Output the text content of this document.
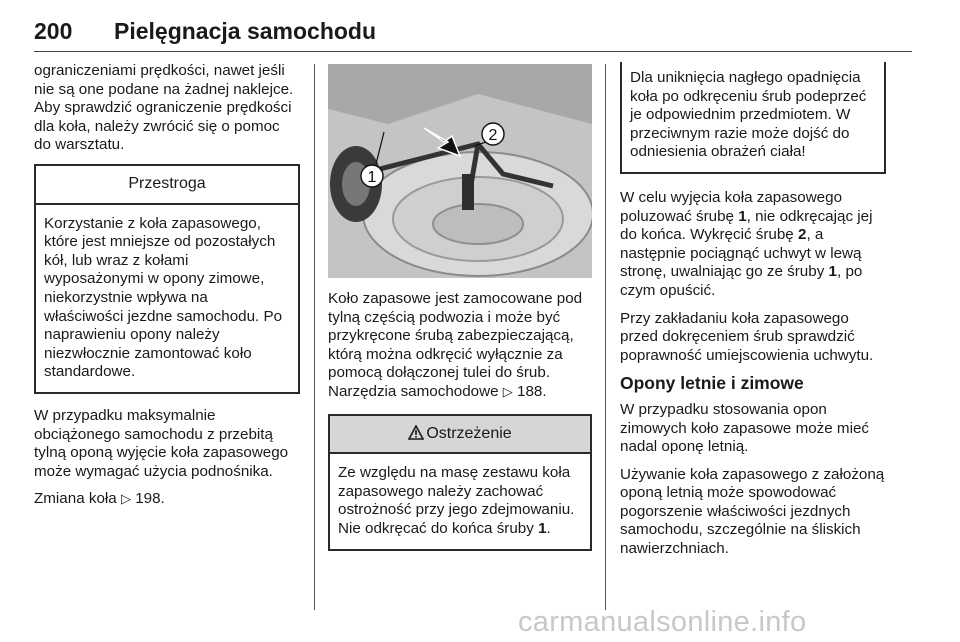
200 Pielęgnacja samochodu

ograniczeniami prędkości, nawet jeśli nie są one podane na żadnej naklejce. Aby sprawdzić ograniczenie prędkości dla koła, należy zwrócić się o pomoc do warsztatu.

Przestroga
Korzystanie z koła zapasowego, które jest mniejsze od pozostałych kół, lub wraz z kołami wyposażonymi w opony zimowe, niekorzystnie wpływa na właściwości jezdne samochodu. Po naprawieniu opony należy niezwłocznie zamontować koło standardowe.

W przypadku maksymalnie obciążonego samochodu z przebitą tylną oponą wyjęcie koła zapasowego może wymagać użycia podnośnika.

Zmiana koła ▷ 198.

1
2

Koło zapasowe jest zamocowane pod tylną częścią podwozia i może być przykręcone śrubą zabezpieczającą, którą można odkręcić wyłącznie za pomocą dołączonej tulei do śrub. Narzędzia samochodowe ▷ 188.

Ostrzeżenie
Ze względu na masę zestawu koła zapasowego należy zachować ostrożność przy jego zdejmowaniu. Nie odkręcać do końca śruby 1.
Dla uniknięcia nagłego opadnięcia koła po odkręceniu śrub podeprzeć je odpowiednim przedmiotem. W przeciwnym razie może dojść do odniesienia obrażeń ciała!

W celu wyjęcia koła zapasowego poluzować śrubę 1, nie odkręcając jej do końca. Wykręcić śrubę 2, a następnie pociągnąć uchwyt w lewą stronę, uwalniając go ze śruby 1, po czym opuścić.

Przy zakładaniu koła zapasowego przed dokręceniem śrub sprawdzić poprawność umiejscowienia uchwytu.

Opony letnie i zimowe

W przypadku stosowania opon zimowych koło zapasowe może mieć nadal oponę letnią.

Używanie koła zapasowego z założoną oponą letnią może spowodować pogorszenie właściwości jezdnych samochodu, szczególnie na śliskich nawierzchniach.

carmanualsonline.info
